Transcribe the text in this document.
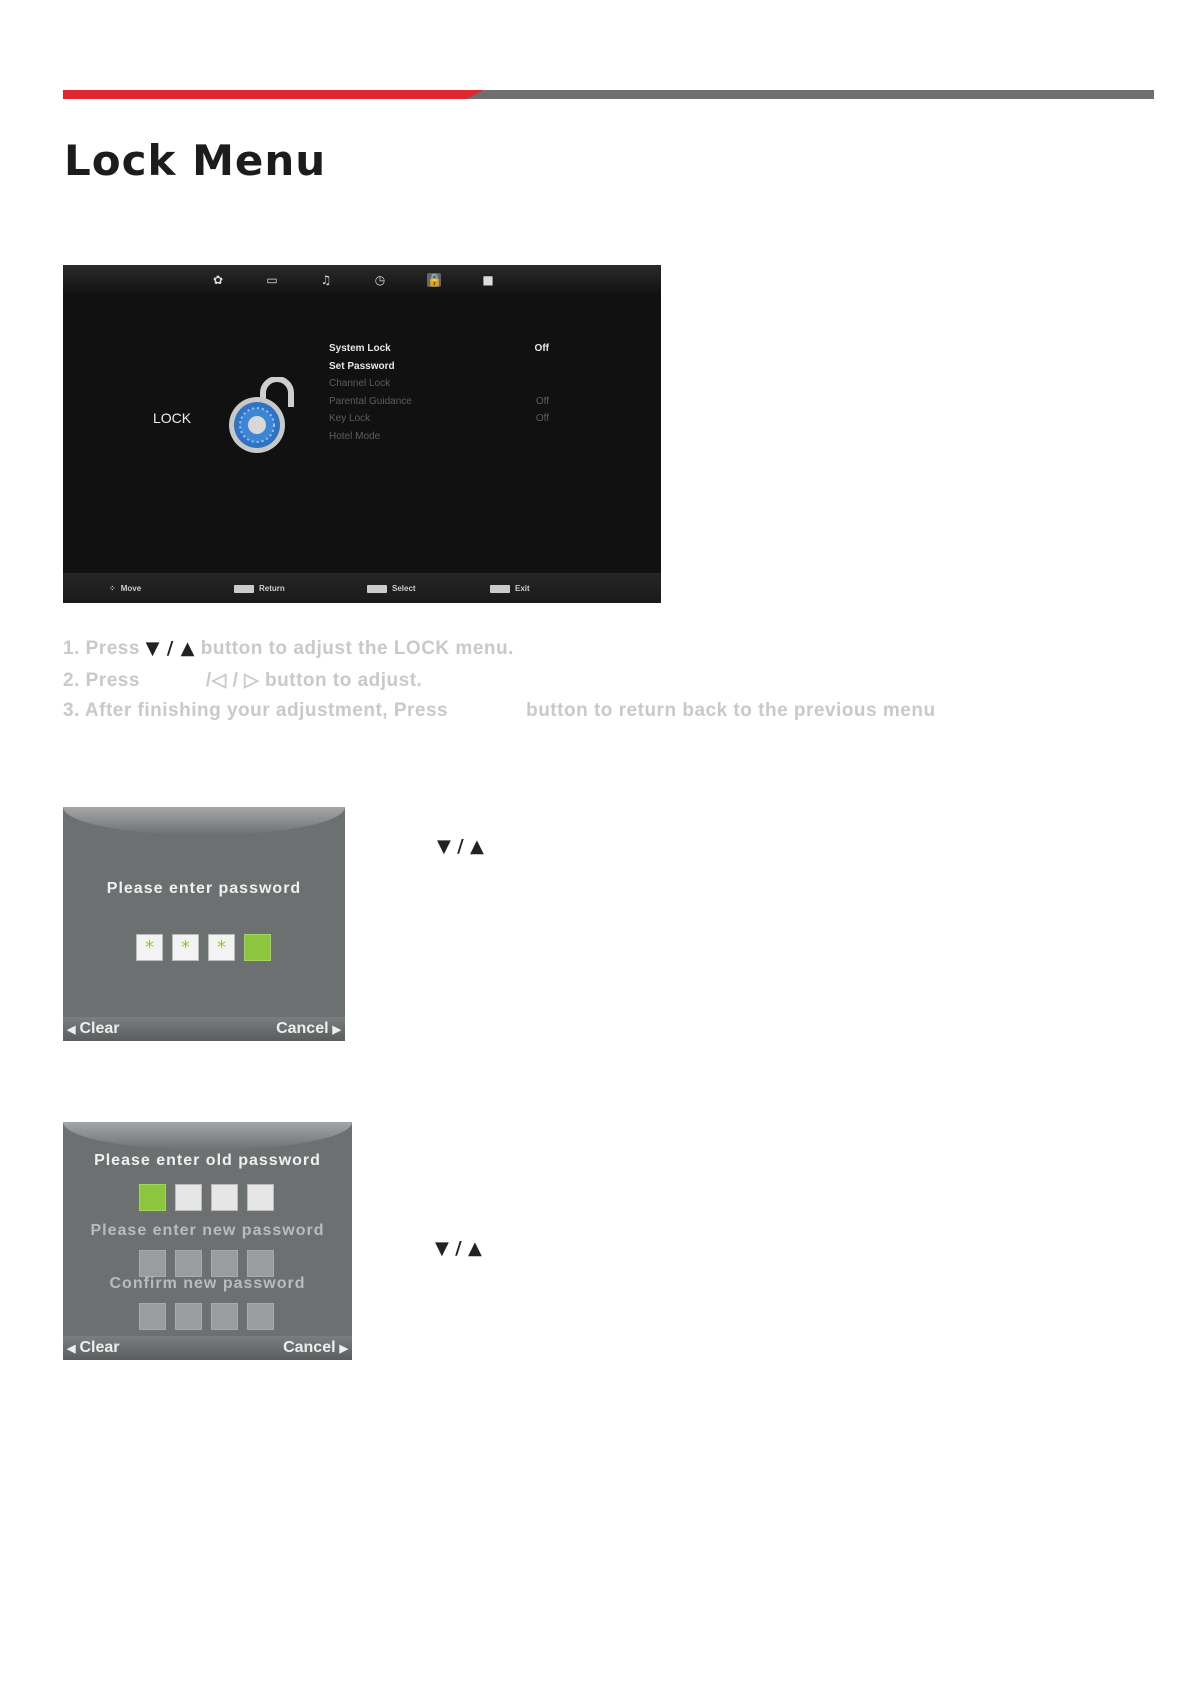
Lock Menu
✿	▭	♫	◷	🔒	■
LOCK
System Lock	Off
Set Password
Channel Lock
Parental Guidance	Off
Key Lock	Off
Hotel Mode
⁘ Move	Return	Select	Exit
1. Press ▼ / ▲ button to adjust the LOCK menu.
2. Press	/◁ / ▷ button to adjust.
3. After finishing your adjustment, Press	button to return back to the previous menu
Please enter password
*	*	*
◀ Clear	Cancel ▶
▼ / ▲
Please enter old password
Please enter new password
Confirm new password
◀ Clear	Cancel ▶
▼ / ▲
